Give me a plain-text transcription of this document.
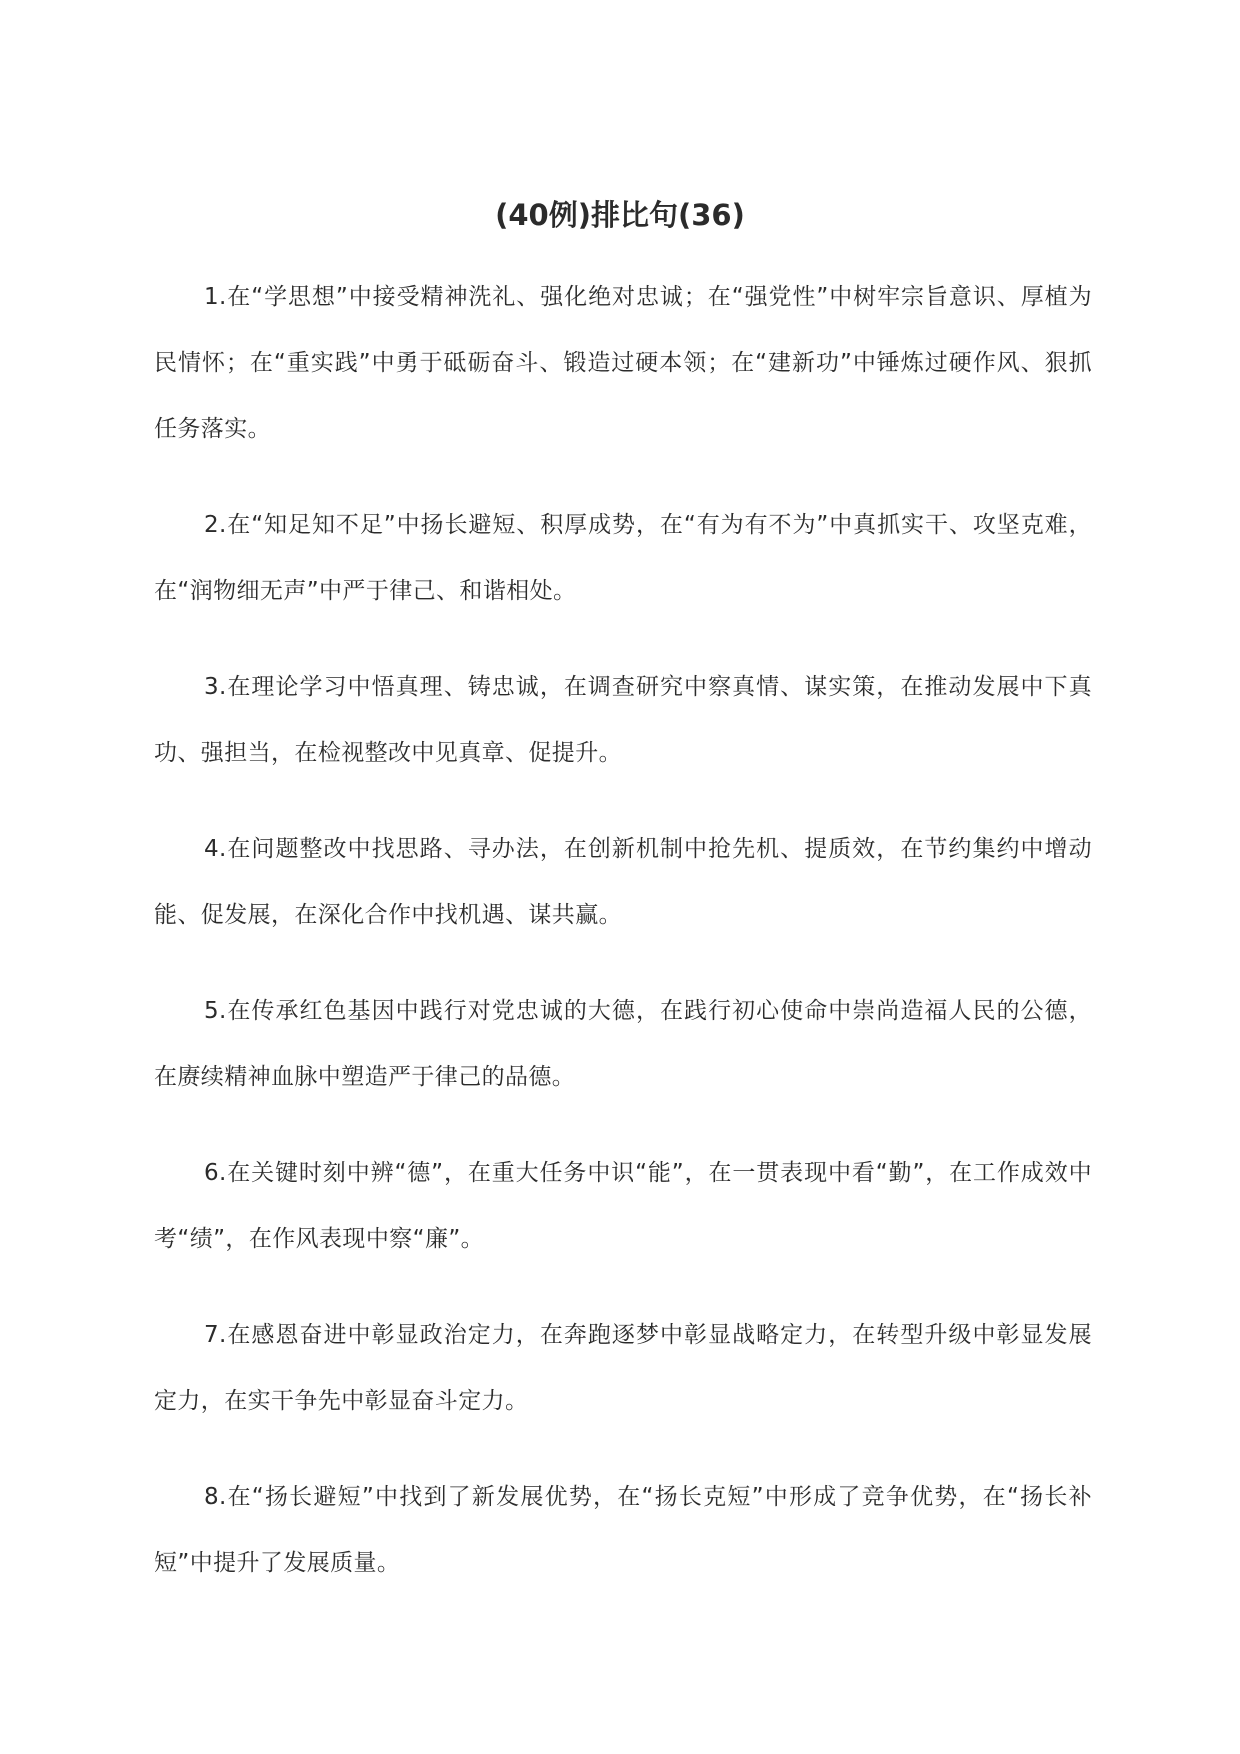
(40例)排比句(36)

1.在“学思想”中接受精神洗礼、强化绝对忠诚；在“强党性”中树牢宗旨意识、厚植为民情怀；在“重实践”中勇于砥砺奋斗、锻造过硬本领；在“建新功”中锤炼过硬作风、狠抓任务落实。

2.在“知足知不足”中扬长避短、积厚成势，在“有为有不为”中真抓实干、攻坚克难，在“润物细无声”中严于律己、和谐相处。

3.在理论学习中悟真理、铸忠诚，在调查研究中察真情、谋实策，在推动发展中下真功、强担当，在检视整改中见真章、促提升。

4.在问题整改中找思路、寻办法，在创新机制中抢先机、提质效，在节约集约中增动能、促发展，在深化合作中找机遇、谋共赢。

5.在传承红色基因中践行对党忠诚的大德，在践行初心使命中崇尚造福人民的公德，在赓续精神血脉中塑造严于律己的品德。

6.在关键时刻中辨“德”，在重大任务中识“能”，在一贯表现中看“勤”，在工作成效中考“绩”，在作风表现中察“廉”。

7.在感恩奋进中彰显政治定力，在奔跑逐梦中彰显战略定力，在转型升级中彰显发展定力，在实干争先中彰显奋斗定力。

8.在“扬长避短”中找到了新发展优势，在“扬长克短”中形成了竞争优势，在“扬长补短”中提升了发展质量。
